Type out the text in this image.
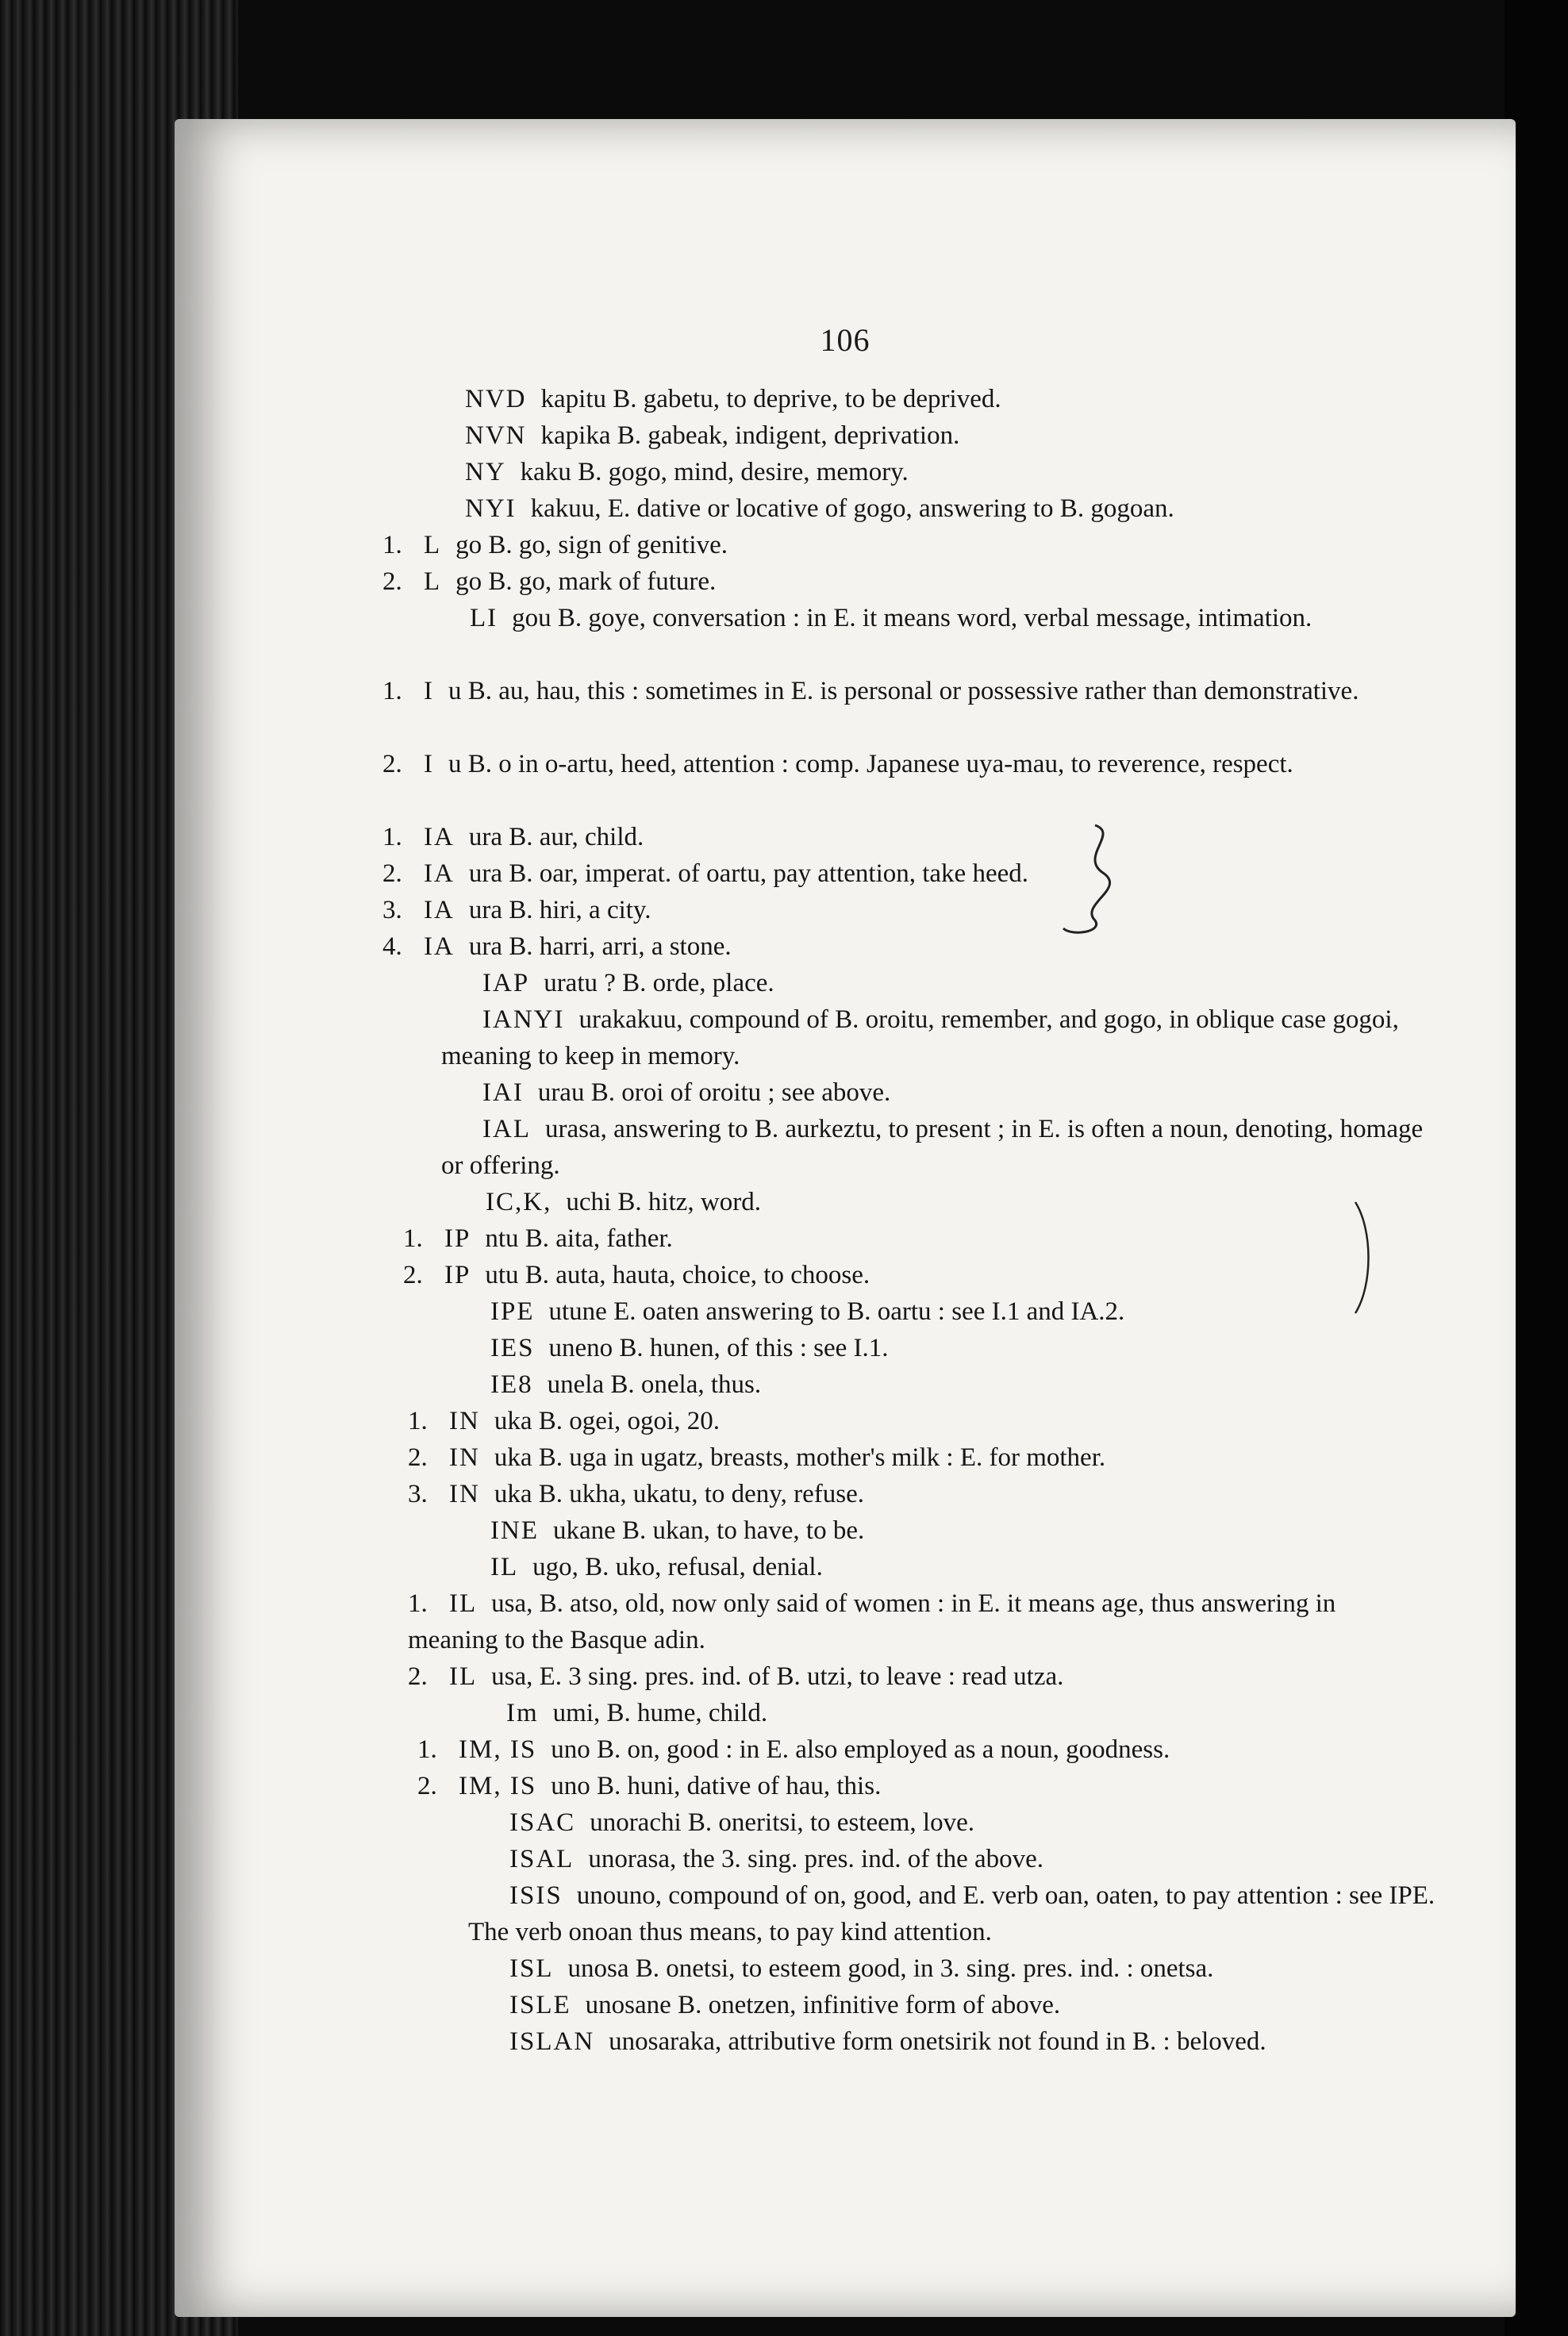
106
NVD kapitu B. gabetu, to deprive, to be deprived.
NVN kapika B. gabeak, indigent, deprivation.
NY kaku B. gogo, mind, desire, memory.
NYI kakuu, E. dative or locative of gogo, answering to B. gogoan.
1. L go B. go, sign of genitive.
2. L go B. go, mark of future.
LI gou B. goye, conversation : in E. it means word, verbal message, intimation.
1. I u B. au, hau, this : sometimes in E. is personal or possessive rather than demonstrative.
2. I u B. o in o-artu, heed, attention : comp. Japanese uya-mau, to reverence, respect.
1. IA ura B. aur, child.
2. IA ura B. oar, imperat. of oartu, pay attention, take heed.
3. IA ura B. hiri, a city.
4. IA ura B. harri, arri, a stone.
IAP uratu ? B. orde, place.
IANYI urakakuu, compound of B. oroitu, remember, and gogo, in oblique case gogoi, meaning to keep in memory.
IAI urau B. oroi of oroitu ; see above.
IAL urasa, answering to B. aurkeztu, to present ; in E. is often a noun, denoting, homage or offering.
IC,K, uchi B. hitz, word.
1. IP ntu B. aita, father.
2. IP utu B. auta, hauta, choice, to choose.
IPE utune E. oaten answering to B. oartu : see I.1 and IA.2.
IES uneno B. hunen, of this : see I.1.
IE8 unela B. onela, thus.
1. IN uka B. ogei, ogoi, 20.
2. IN uka B. uga in ugatz, breasts, mother's milk : E. for mother.
3. IN uka B. ukha, ukatu, to deny, refuse.
INE ukane B. ukan, to have, to be.
IL ugo, B. uko, refusal, denial.
1. IL usa, B. atso, old, now only said of women : in E. it means age, thus answering in meaning to the Basque adin.
2. IL usa, E. 3 sing. pres. ind. of B. utzi, to leave : read utza.
Im umi, B. hume, child.
1. IM, IS uno B. on, good : in E. also employed as a noun, goodness.
2. IM, IS uno B. huni, dative of hau, this.
ISAC unorachi B. oneritsi, to esteem, love.
ISAL unorasa, the 3. sing. pres. ind. of the above.
ISIS unouno, compound of on, good, and E. verb oan, oaten, to pay attention : see IPE. The verb onoan thus means, to pay kind attention.
ISL unosa B. onetsi, to esteem good, in 3. sing. pres. ind. : onetsa.
ISLE unosane B. onetzen, infinitive form of above.
ISLAN unosaraka, attributive form onetsirik not found in B. : beloved.
